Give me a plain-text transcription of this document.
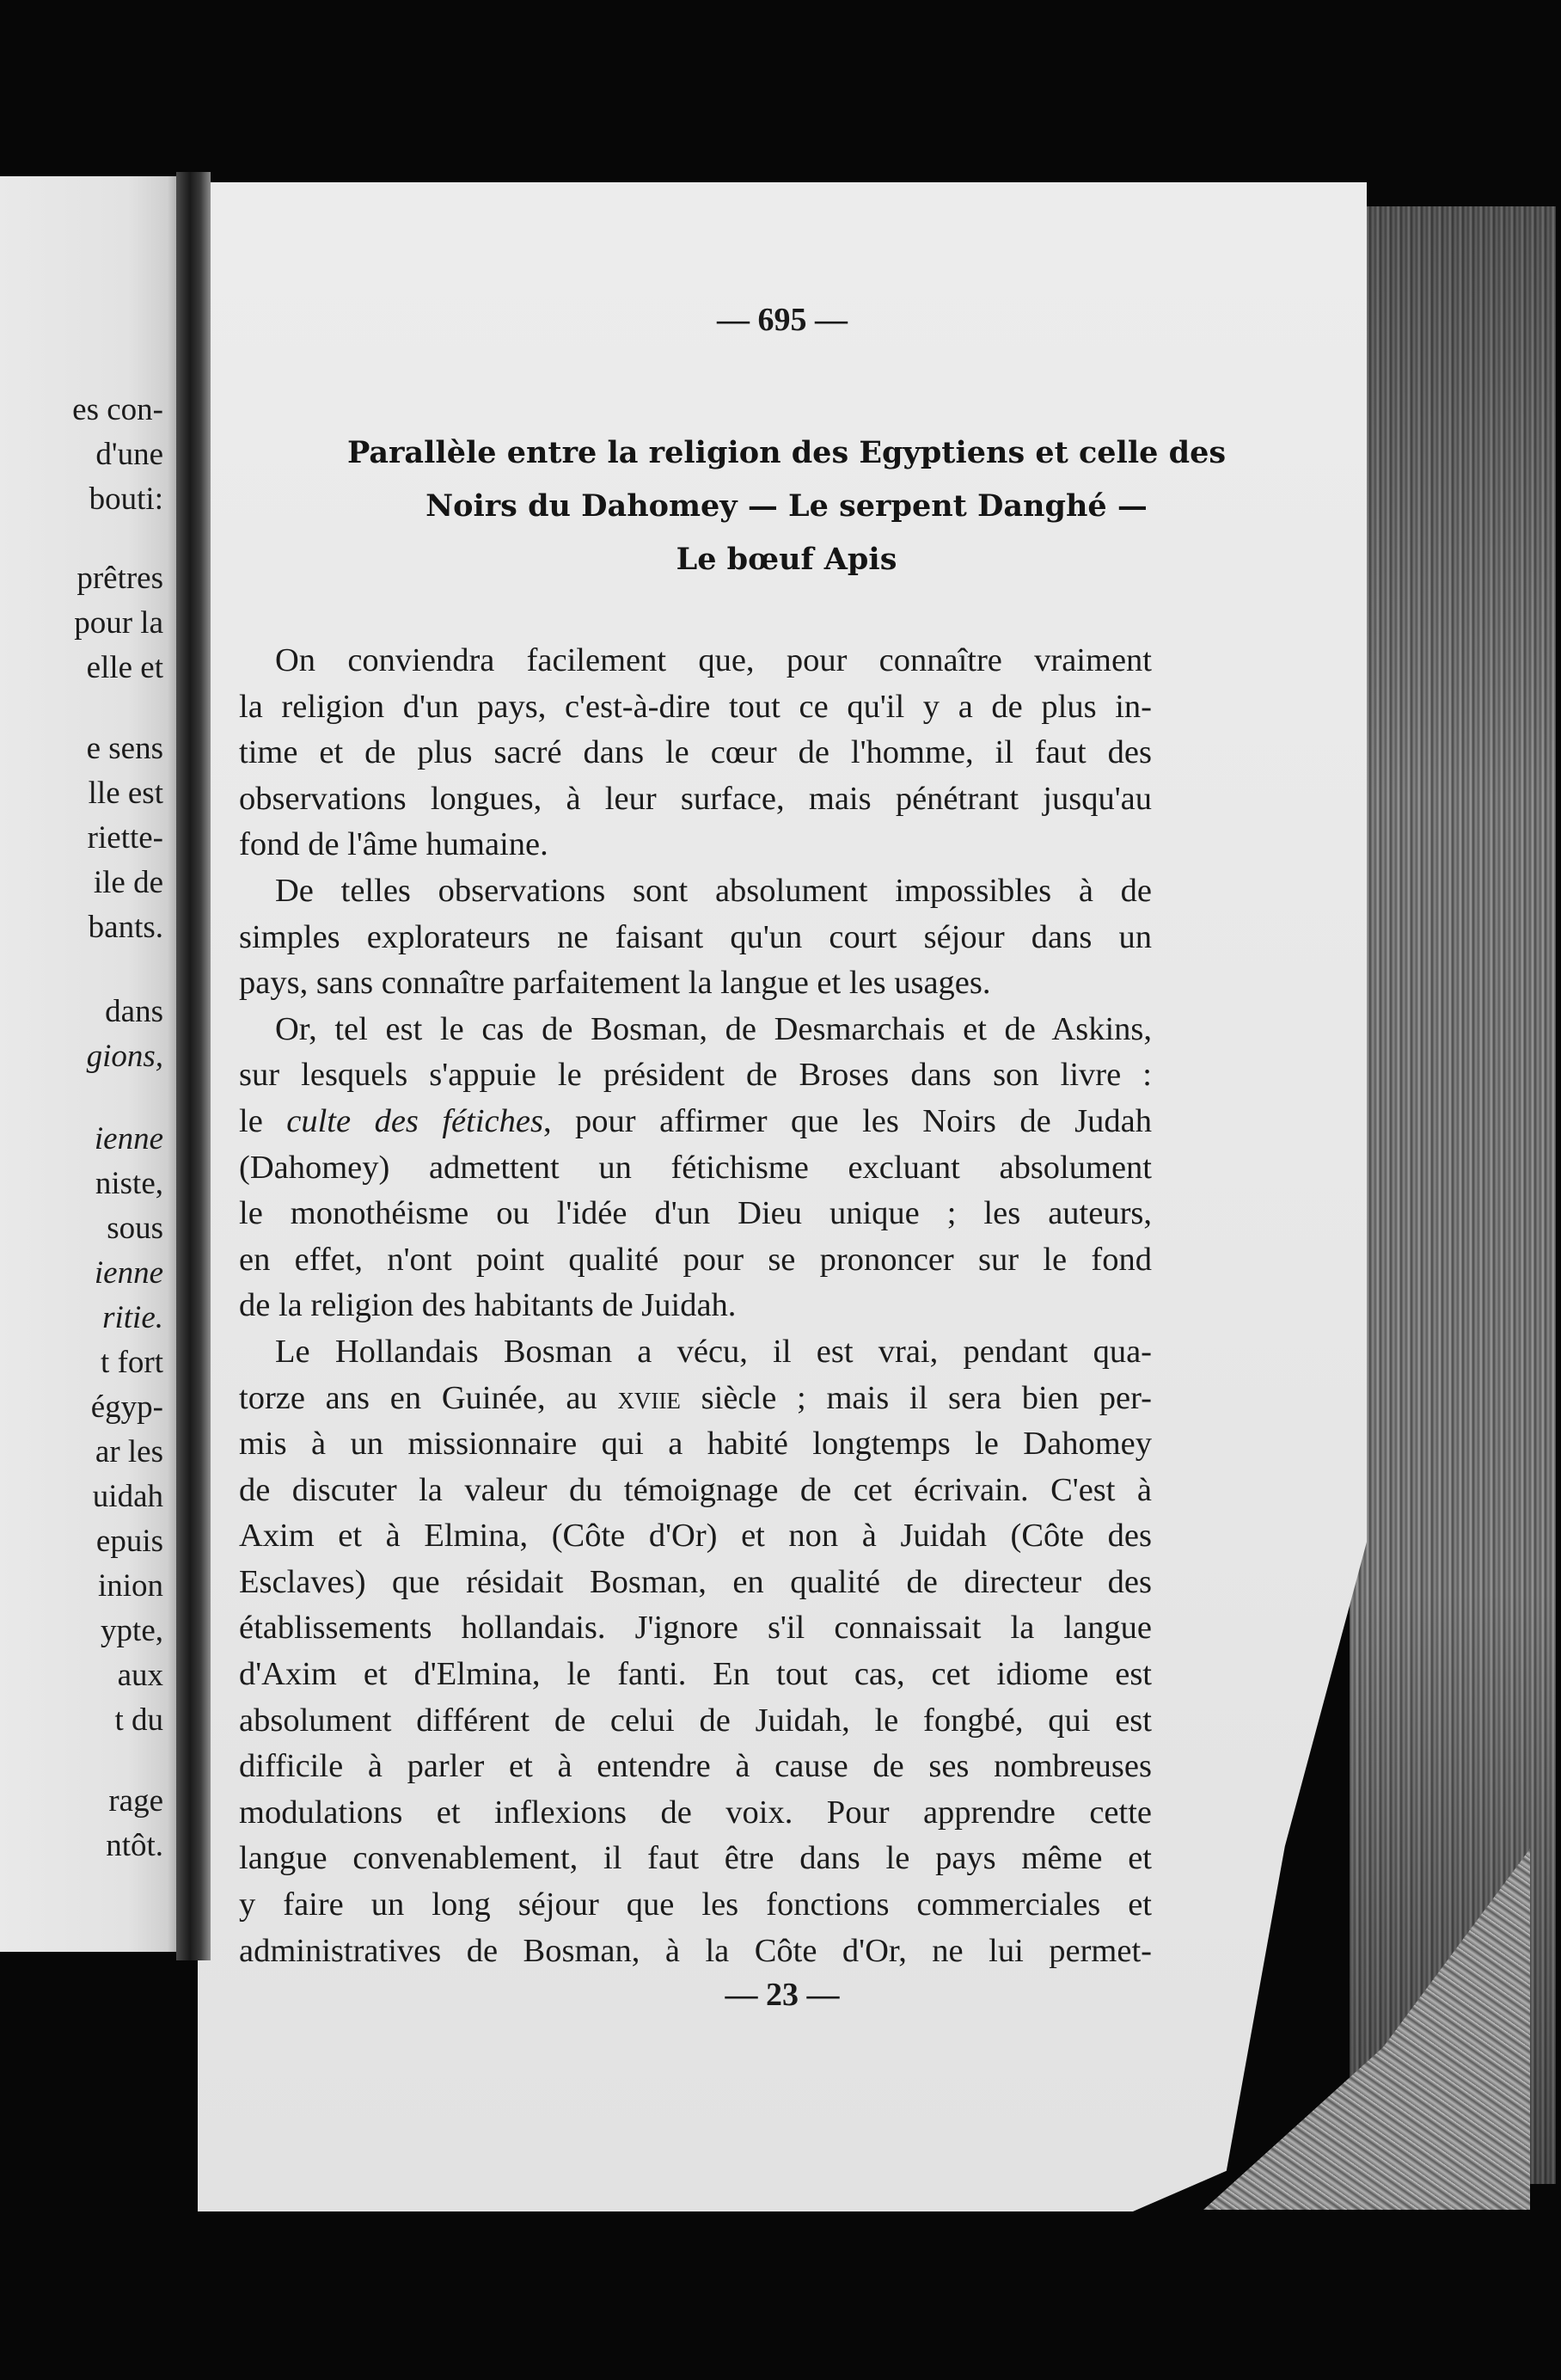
es con-
d'une
bouti:
prêtres
pour la
elle et
e sens
lle est
riette-
ile de
bants.
dans
gions,
ienne
niste,
sous
ienne
ritie.
t fort
égyp-
ar les
uidah
epuis
inion
ypte,
aux
t du
rage
ntôt.
— 695 —
Parallèle entre la religion des Egyptiens et celle des
Noirs du Dahomey — Le serpent Danghé —
Le bœuf Apis
On conviendra facilement que, pour connaître vraiment
la religion d'un pays, c'est-à-dire tout ce qu'il y a de plus in-
time et de plus sacré dans le cœur de l'homme, il faut des
observations longues, à leur surface, mais pénétrant jusqu'au
fond de l'âme humaine.
De telles observations sont absolument impossibles à de
simples explorateurs ne faisant qu'un court séjour dans un
pays, sans connaître parfaitement la langue et les usages.
Or, tel est le cas de Bosman, de Desmarchais et de Askins,
sur lesquels s'appuie le président de Broses dans son livre :
le culte des fétiches, pour affirmer que les Noirs de Judah
(Dahomey) admettent un fétichisme excluant absolument
le monothéisme ou l'idée d'un Dieu unique ; les auteurs,
en effet, n'ont point qualité pour se prononcer sur le fond
de la religion des habitants de Juidah.
Le Hollandais Bosman a vécu, il est vrai, pendant qua-
torze ans en Guinée, au xviie siècle ; mais il sera bien per-
mis à un missionnaire qui a habité longtemps le Dahomey
de discuter la valeur du témoignage de cet écrivain. C'est à
Axim et à Elmina, (Côte d'Or) et non à Juidah (Côte des
Esclaves) que résidait Bosman, en qualité de directeur des
établissements hollandais. J'ignore s'il connaissait la langue
d'Axim et d'Elmina, le fanti. En tout cas, cet idiome est
absolument différent de celui de Juidah, le fongbé, qui est
difficile à parler et à entendre à cause de ses nombreuses
modulations et inflexions de voix. Pour apprendre cette
langue convenablement, il faut être dans le pays même et
y faire un long séjour que les fonctions commerciales et
administratives de Bosman, à la Côte d'Or, ne lui permet-
— 23 —
